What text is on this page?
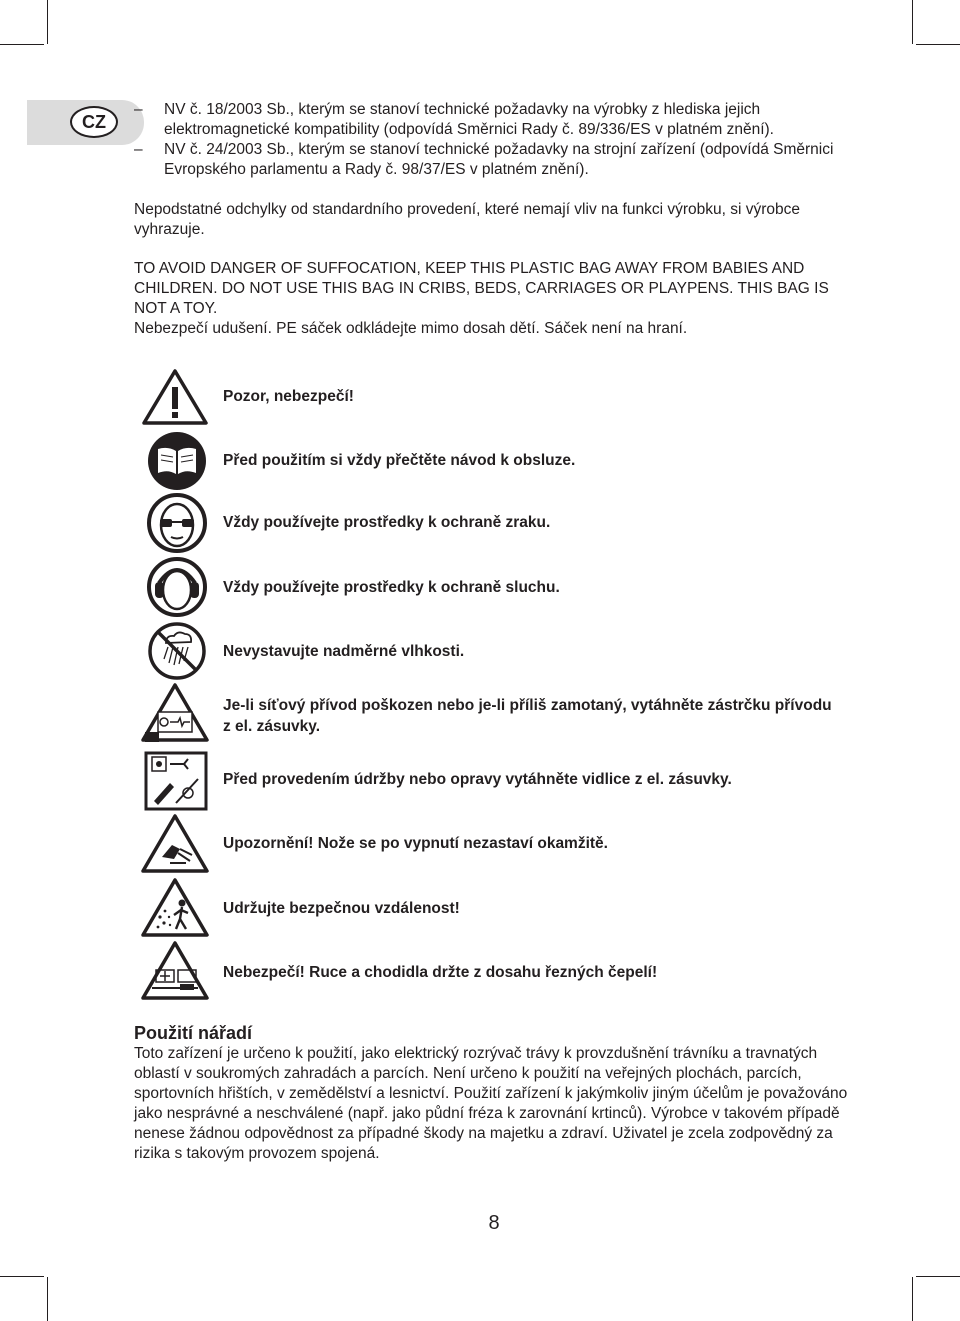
CZ
–	NV č. 18/2003 Sb., kterým se stanoví technické požadavky na výrobky z hlediska jejich elektromagnetické kompatibility (odpovídá Směrnici Rady č. 89/336/ES v platném znění).
–	NV č. 24/2003 Sb., kterým se stanoví technické požadavky na strojní zařízení (odpovídá Směrnici Evropského parlamentu a Rady č. 98/37/ES v platném znění).

Nepodstatné odchylky od standardního provedení, které nemají vliv na funkci výrobku, si výrobce vyhrazuje.

TO AVOID DANGER OF SUFFOCATION, KEEP THIS PLASTIC BAG AWAY FROM BABIES AND CHILDREN. DO NOT USE THIS BAG IN CRIBS, BEDS, CARRIAGES OR PLAYPENS. THIS BAG IS NOT A TOY.
Nebezpečí udušení. PE sáček odkládejte mimo dosah dětí. Sáček není na hraní.
Pozor, nebezpečí!
Před použitím si vždy přečtěte návod k obsluze.
Vždy používejte prostředky k ochraně zraku.
Vždy používejte prostředky k ochraně sluchu.
Nevystavujte nadměrné vlhkosti.
Je-li síťový přívod poškozen nebo je-li příliš zamotaný, vytáhněte zástrčku přívodu z el. zásuvky.
Před provedením údržby nebo opravy vytáhněte vidlice z el. zásuvky.
Upozornění! Nože se po vypnutí nezastaví okamžitě.
Udržujte bezpečnou vzdálenost!
Nebezpečí! Ruce a chodidla držte z dosahu řezných čepelí!
Použití nářadí

Toto zařízení je určeno k použití, jako elektrický rozrývač trávy k provzdušnění trávníku a travnatých oblastí v soukromých zahradách a parcích. Není určeno k použití na veřejných plochách, parcích, sportovních hřištích, v zemědělství a lesnictví. Použití zařízení k jakýmkoliv jiným účelům je považováno jako nesprávné a neschválené (např. jako půdní fréza k zarovnání krtinců). Výrobce v takovém případě nenese žádnou odpovědnost za případné škody na majetku a zdraví. Uživatel je zcela zodpovědný za rizika s takovým provozem spojená.

8
